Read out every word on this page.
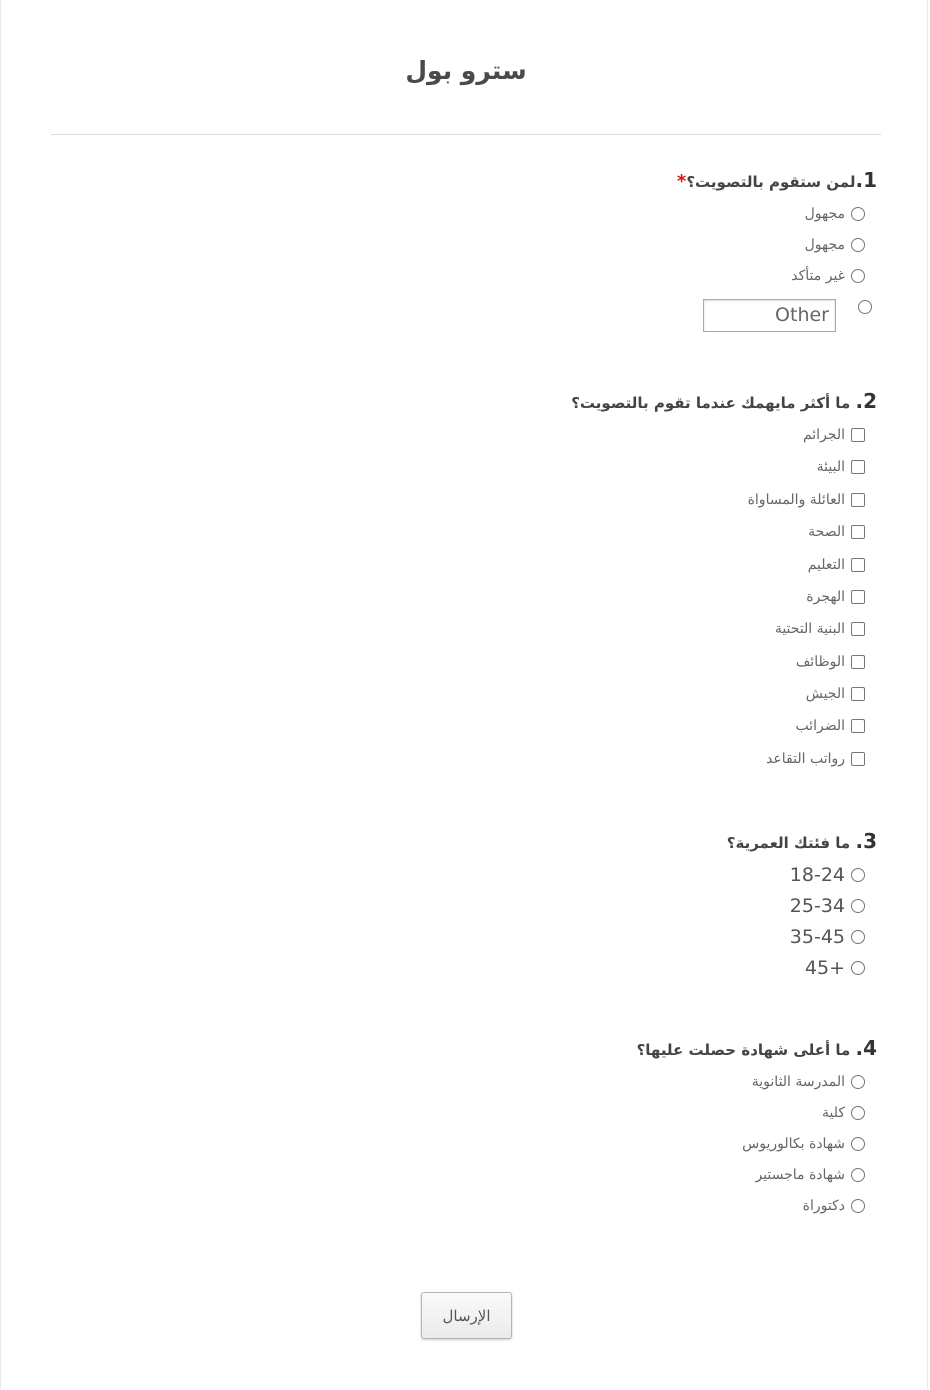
سترو بول
1.لمن ستقوم بالتصويت؟*
مجهول
مجهول
غير متأكد
Other
2. ما أكثر مايهمك عندما تقوم بالتصويت؟
الجرائم
البيئة
العائلة والمساواة
الصحة
التعليم
الهجرة
البنية التحتية
الوظائف
الجيش
الضرائب
رواتب التقاعد
3. ما فئتك العمرية؟
18-24
25-34
35-45
+45
4. ما أعلى شهادة حصلت عليها؟
المدرسة الثانوية
كلية
شهادة بكالوريوس
شهادة ماجستير
دكتوراة
الإرسال
